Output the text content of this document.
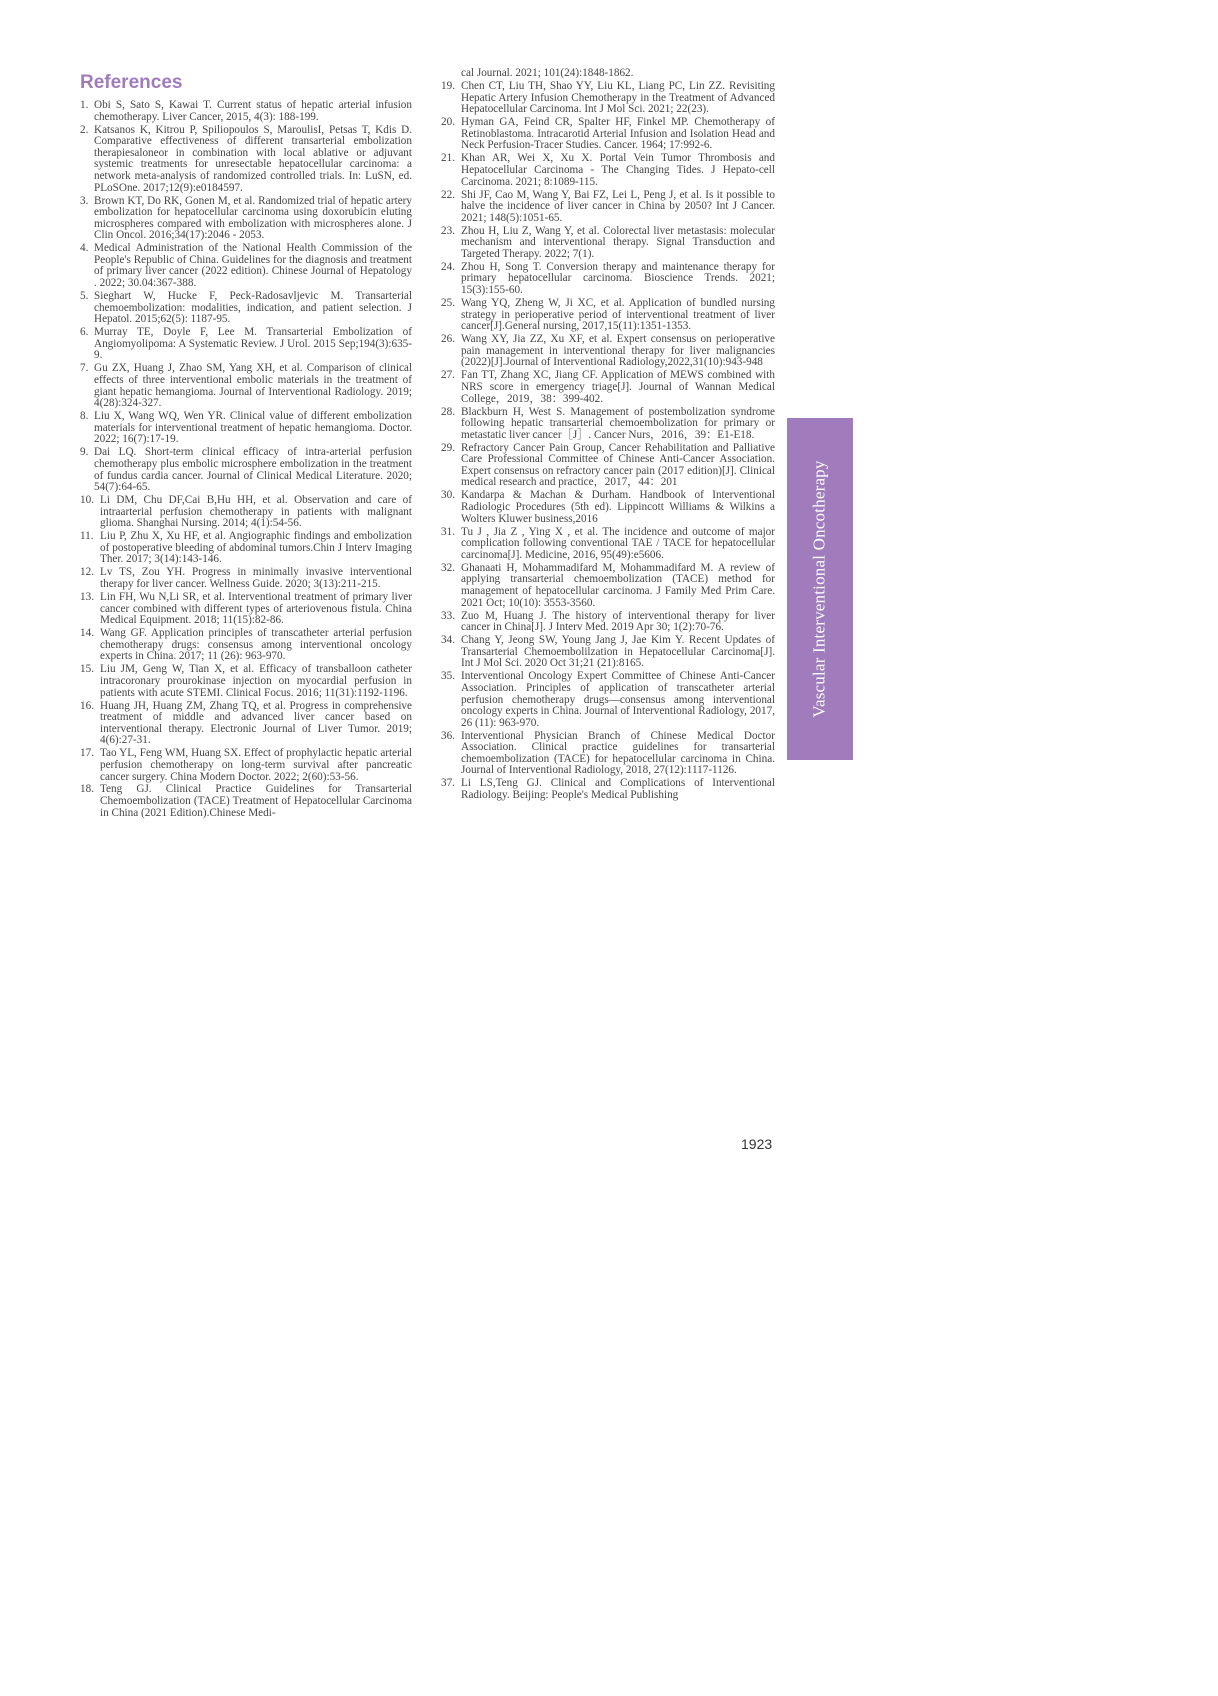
References
1. Obi S, Sato S, Kawai T. Current status of hepatic arterial infusion chemotherapy. Liver Cancer, 2015, 4(3): 188-199.
2. Katsanos K, Kitrou P, Spiliopoulos S, MaroulisI, Petsas T, Kdis D. Comparative effectiveness of different transarterial embolization therapiesaloneor in combination with local ablative or adjuvant systemic treatments for unresectable hepatocellular carcinoma: a network meta-analysis of randomized controlled trials. In: LuSN, ed. PLoSOne. 2017;12(9):e0184597.
3. Brown KT, Do RK, Gonen M, et al. Randomized trial of hepatic artery embolization for hepatocellular carcinoma using doxorubicin eluting microspheres compared with embolization with microspheres alone. J Clin Oncol. 2016;34(17):2046 - 2053.
4. Medical Administration of the National Health Commission of the People's Republic of China. Guidelines for the diagnosis and treatment of primary liver cancer (2022 edition). Chinese Journal of Hepatology . 2022; 30.04:367-388.
5. Sieghart W, Hucke F, Peck-Radosavljevic M. Transarterial chemoembolization: modalities, indication, and patient selection. J Hepatol. 2015;62(5): 1187-95.
6. Murray TE, Doyle F, Lee M. Transarterial Embolization of Angiomyolipoma: A Systematic Review. J Urol. 2015 Sep;194(3):635-9.
7. Gu ZX, Huang J, Zhao SM, Yang XH, et al. Comparison of clinical effects of three interventional embolic materials in the treatment of giant hepatic hemangioma. Journal of Interventional Radiology. 2019; 4(28):324-327.
8. Liu X, Wang WQ, Wen YR. Clinical value of different embolization materials for interventional treatment of hepatic hemangioma. Doctor. 2022; 16(7):17-19.
9. Dai LQ. Short-term clinical efficacy of intra-arterial perfusion chemotherapy plus embolic microsphere embolization in the treatment of fundus cardia cancer. Journal of Clinical Medical Literature. 2020; 54(7):64-65.
10. Li DM, Chu DF,Cai B,Hu HH, et al. Observation and care of intraarterial perfusion chemotherapy in patients with malignant glioma. Shanghai Nursing. 2014; 4(1):54-56.
11. Liu P, Zhu X, Xu HF, et al. Angiographic findings and embolization of postoperative bleeding of abdominal tumors.Chin J Interv Imaging Ther. 2017; 3(14):143-146.
12. Lv TS, Zou YH. Progress in minimally invasive interventional therapy for liver cancer. Wellness Guide. 2020; 3(13):211-215.
13. Lin FH, Wu N,Li SR, et al. Interventional treatment of primary liver cancer combined with different types of arteriovenous fistula. China Medical Equipment. 2018; 11(15):82-86.
14. Wang GF. Application principles of transcatheter arterial perfusion chemotherapy drugs: consensus among interventional oncology experts in China. 2017; 11 (26): 963-970.
15. Liu JM, Geng W, Tian X, et al. Efficacy of transballoon catheter intracoronary prourokinase injection on myocardial perfusion in patients with acute STEMI. Clinical Focus. 2016; 11(31):1192-1196.
16. Huang JH, Huang ZM, Zhang TQ, et al. Progress in comprehensive treatment of middle and advanced liver cancer based on interventional therapy. Electronic Journal of Liver Tumor. 2019; 4(6):27-31.
17. Tao YL, Feng WM, Huang SX. Effect of prophylactic hepatic arterial perfusion chemotherapy on long-term survival after pancreatic cancer surgery. China Modern Doctor. 2022; 2(60):53-56.
18. Teng GJ. Clinical Practice Guidelines for Transarterial Chemoembolization (TACE) Treatment of Hepatocellular Carcinoma in China (2021 Edition).Chinese Medi-
cal Journal. 2021; 101(24):1848-1862.
19. Chen CT, Liu TH, Shao YY, Liu KL, Liang PC, Lin ZZ. Revisiting Hepatic Artery Infusion Chemotherapy in the Treatment of Advanced Hepatocellular Carcinoma. Int J Mol Sci. 2021; 22(23).
20. Hyman GA, Feind CR, Spalter HF, Finkel MP. Chemotherapy of Retinoblastoma. Intracarotid Arterial Infusion and Isolation Head and Neck Perfusion-Tracer Studies. Cancer. 1964; 17:992-6.
21. Khan AR, Wei X, Xu X. Portal Vein Tumor Thrombosis and Hepatocellular Carcinoma - The Changing Tides. J Hepato-cell Carcinoma. 2021; 8:1089-115.
22. Shi JF, Cao M, Wang Y, Bai FZ, Lei L, Peng J, et al. Is it possible to halve the incidence of liver cancer in China by 2050? Int J Cancer. 2021; 148(5):1051-65.
23. Zhou H, Liu Z, Wang Y, et al. Colorectal liver metastasis: molecular mechanism and interventional therapy. Signal Transduction and Targeted Therapy. 2022; 7(1).
24. Zhou H, Song T. Conversion therapy and maintenance therapy for primary hepatocellular carcinoma. Bioscience Trends. 2021; 15(3):155-60.
25. Wang YQ, Zheng W, Ji XC, et al. Application of bundled nursing strategy in perioperative period of interventional treatment of liver cancer[J].General nursing, 2017,15(11):1351-1353.
26. Wang XY, Jia ZZ, Xu XF, et al. Expert consensus on perioperative pain management in interventional therapy for liver malignancies (2022)[J].Journal of Interventional Radiology,2022,31(10):943-948
27. Fan TT, Zhang XC, Jiang CF. Application of MEWS combined with NRS score in emergency triage[J]. Journal of Wannan Medical College，2019，38：399-402.
28. Blackburn H, West S. Management of postembolization syndrome following hepatic transarterial chemoembolization for primary or metastatic liver cancer［J］. Cancer Nurs，2016，39：E1-E18.
29. Refractory Cancer Pain Group, Cancer Rehabilitation and Palliative Care Professional Committee of Chinese Anti-Cancer Association. Expert consensus on refractory cancer pain (2017 edition)[J]. Clinical medical research and practice，2017，44：201
30. Kandarpa & Machan & Durham. Handbook of Interventional Radiologic Procedures (5th ed). Lippincott Williams & Wilkins a Wolters Kluwer business,2016
31. Tu J , Jia Z , Ying X , et al. The incidence and outcome of major complication following conventional TAE / TACE for hepatocellular carcinoma[J]. Medicine, 2016, 95(49):e5606.
32. Ghanaati H, Mohammadifard M, Mohammadifard M. A review of applying transarterial chemoembolization (TACE) method for management of hepatocellular carcinoma. J Family Med Prim Care. 2021 Oct; 10(10): 3553-3560.
33. Zuo M, Huang J. The history of interventional therapy for liver cancer in China[J]. J Interv Med. 2019 Apr 30; 1(2):70-76.
34. Chang Y, Jeong SW, Young Jang J, Jae Kim Y. Recent Updates of Transarterial Chemoembolilzation in Hepatocellular Carcinoma[J]. Int J Mol Sci. 2020 Oct 31;21 (21):8165.
35. Interventional Oncology Expert Committee of Chinese Anti-Cancer Association. Principles of application of transcatheter arterial perfusion chemotherapy drugs—consensus among interventional oncology experts in China. Journal of Interventional Radiology, 2017, 26 (11): 963-970.
36. Interventional Physician Branch of Chinese Medical Doctor Association. Clinical practice guidelines for transarterial chemoembolization (TACE) for hepatocellular carcinoma in China. Journal of Interventional Radiology, 2018, 27(12):1117-1126.
37. Li LS,Teng GJ. Clinical and Complications of Interventional Radiology. Beijing: People's Medical Publishing
Vascular Interventional Oncotherapy
1923
